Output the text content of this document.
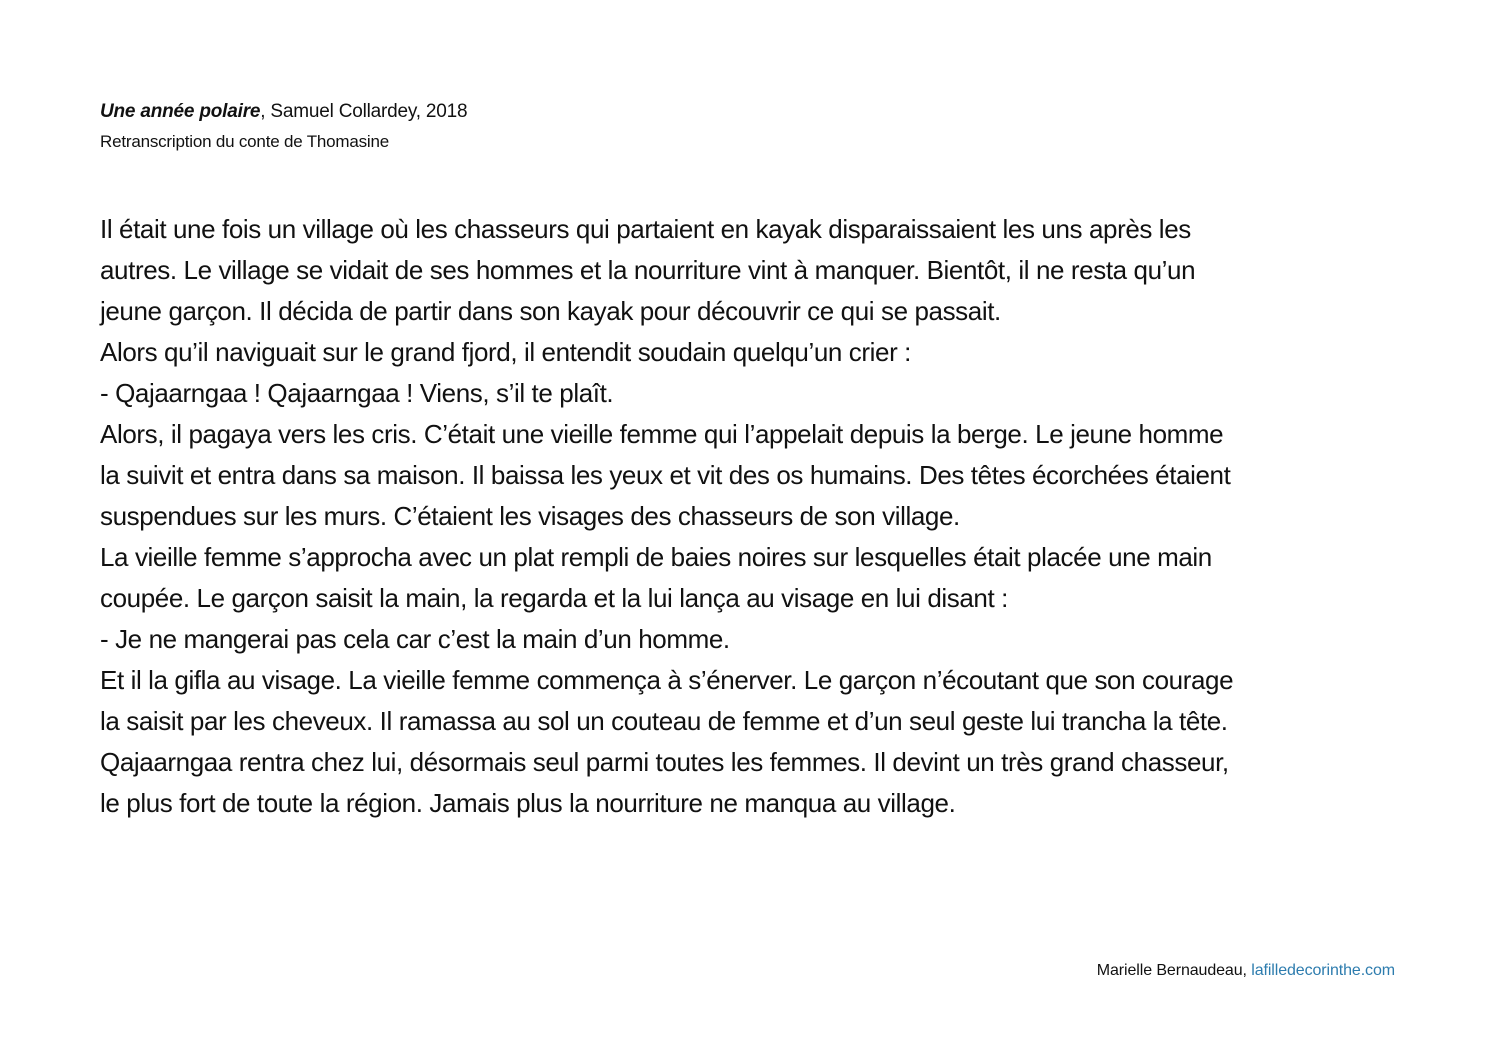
Une année polaire, Samuel Collardey, 2018
Retranscription du conte de Thomasine
Il était une fois un village où les chasseurs qui partaient en kayak disparaissaient les uns après les
autres. Le village se vidait de ses hommes et la nourriture vint à manquer. Bientôt, il ne resta qu’un
jeune garçon. Il décida de partir dans son kayak pour découvrir ce qui se passait.
Alors qu’il naviguait sur le grand fjord, il entendit soudain quelqu’un crier :
- Qajaarngaa ! Qajaarngaa ! Viens, s’il te plaît.
Alors, il pagaya vers les cris. C’était une vieille femme qui l’appelait depuis la berge. Le jeune homme
la suivit et entra dans sa maison. Il baissa les yeux et vit des os humains. Des têtes écorchées étaient
suspendues sur les murs. C’étaient les visages des chasseurs de son village.
La vieille femme s’approcha avec un plat rempli de baies noires sur lesquelles était placée une main
coupée. Le garçon saisit la main, la regarda et la lui lança au visage en lui disant :
- Je ne mangerai pas cela car c’est la main d’un homme.
Et il la gifla au visage. La vieille femme commença à s’énerver. Le garçon n’écoutant que son courage
la saisit par les cheveux. Il ramassa au sol un couteau de femme et d’un seul geste lui trancha la tête.
Qajaarngaa rentra chez lui, désormais seul parmi toutes les femmes. Il devint un très grand chasseur,
le plus fort de toute la région. Jamais plus la nourriture ne manqua au village.
Marielle Bernaudeau, lafilledecorinthe.com
